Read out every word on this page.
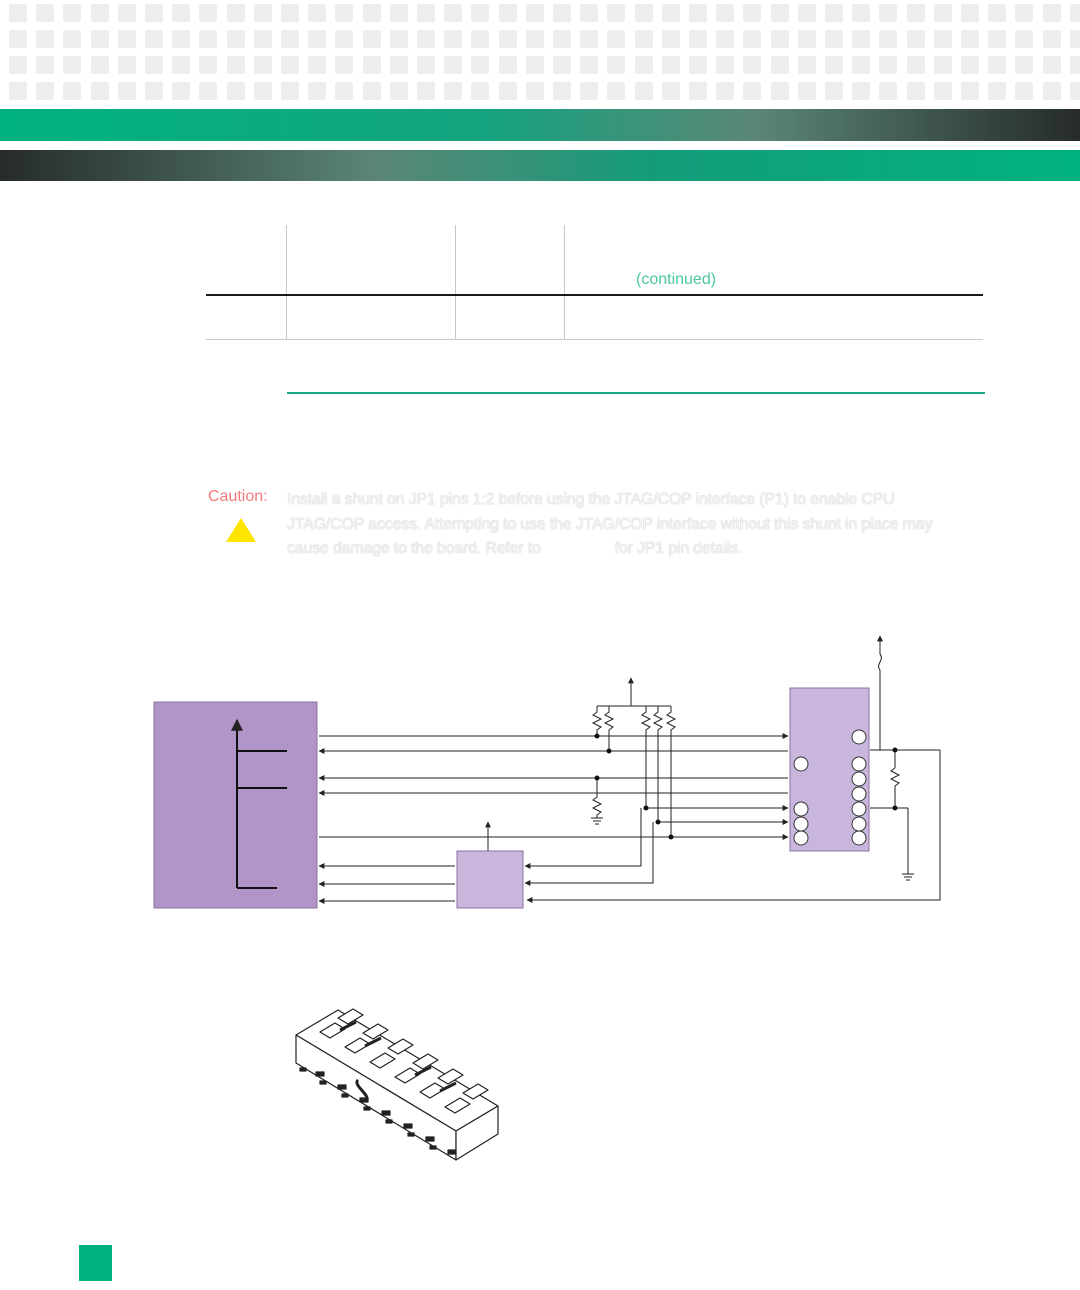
(continued)
Caution:
!
Install a shunt on JP1 pins 1:2 before using the JTAG/COP interface (P1) to enable CPU
JTAG/COP access. Attempting to use the JTAG/COP interface without this shunt in place may
cause damage to the board. Refer to	for JP1 pin details.
